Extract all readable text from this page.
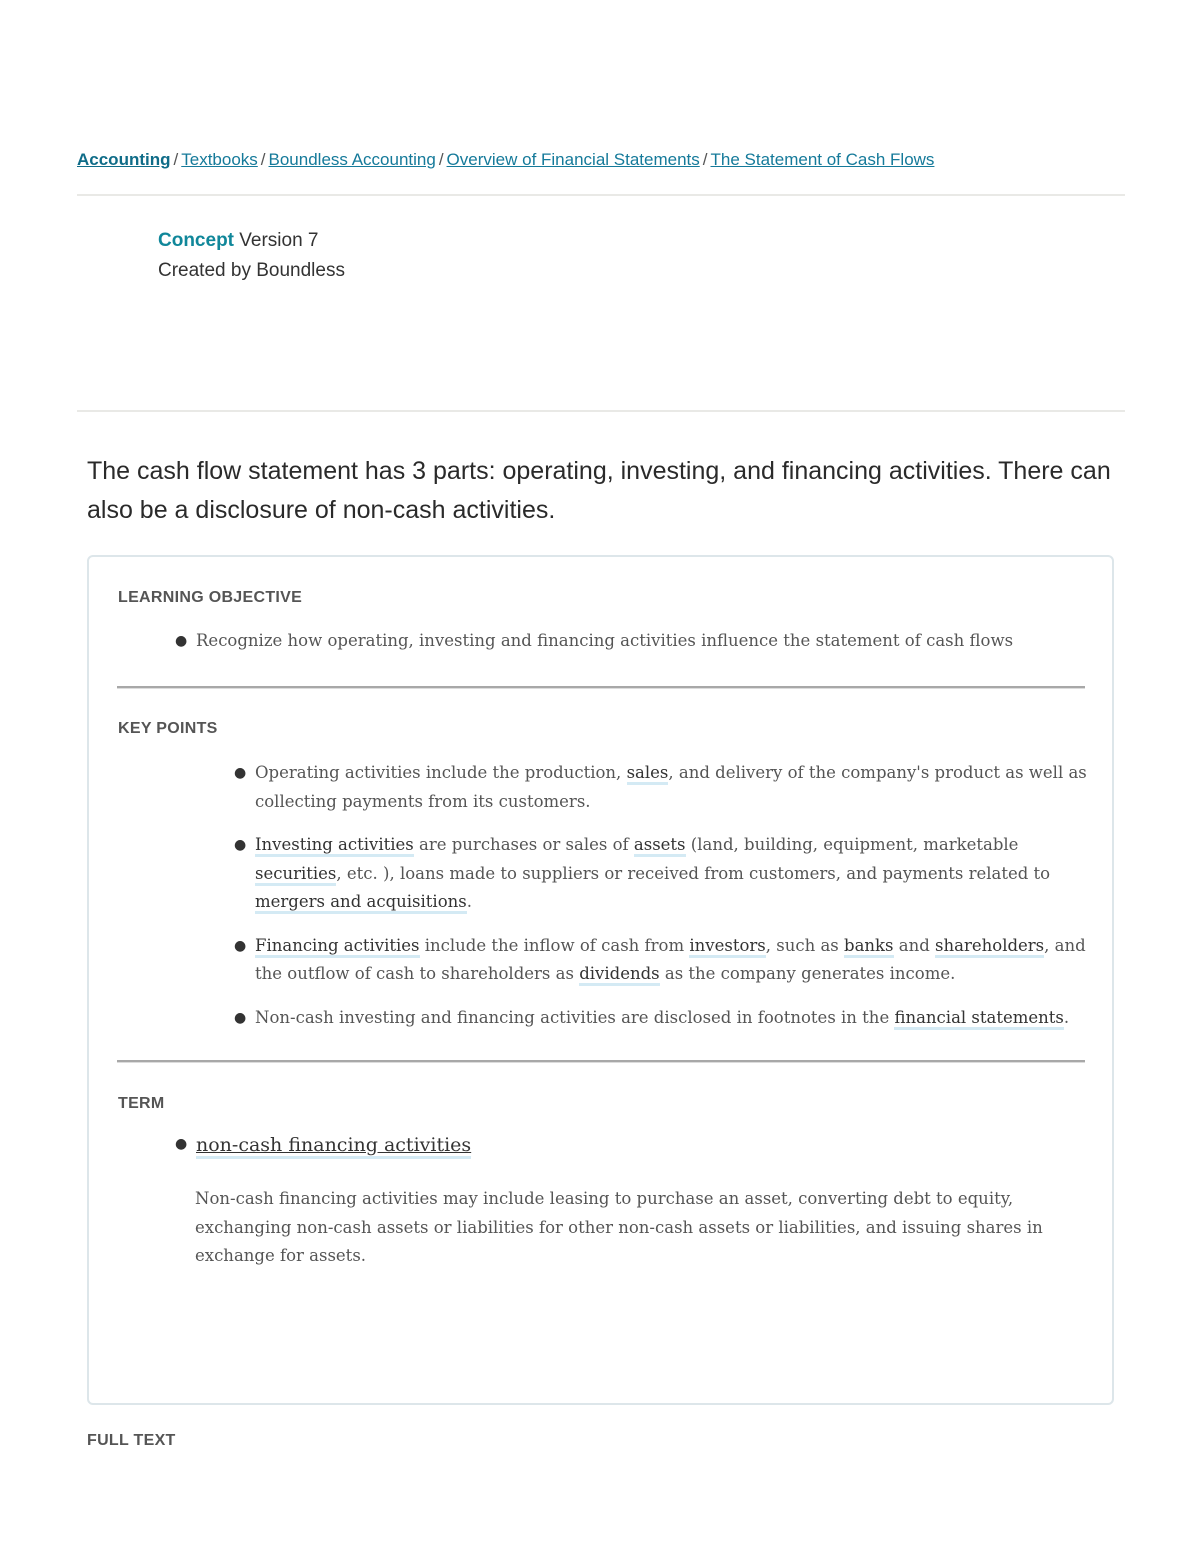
Accounting / Textbooks / Boundless Accounting / Overview of Financial Statements / The Statement of Cash Flows
Concept Version 7
Created by Boundless

The cash flow statement has 3 parts: operating, investing, and financing activities. There can also be a disclosure of non-cash activities.

LEARNING OBJECTIVE
● Recognize how operating, investing and financing activities influence the statement of cash flows
KEY POINTS
● Operating activities include the production, sales, and delivery of the company's product as well as collecting payments from its customers.
● Investing activities are purchases or sales of assets (land, building, equipment, marketable securities, etc. ), loans made to suppliers or received from customers, and payments related to mergers and acquisitions.
● Financing activities include the inflow of cash from investors, such as banks and shareholders, and the outflow of cash to shareholders as dividends as the company generates income.
● Non-cash investing and financing activities are disclosed in footnotes in the financial statements.
TERM
● non-cash financing activities

Non-cash financing activities may include leasing to purchase an asset, converting debt to equity, exchanging non-cash assets or liabilities for other non-cash assets or liabilities, and issuing shares in exchange for assets.

FULL TEXT
